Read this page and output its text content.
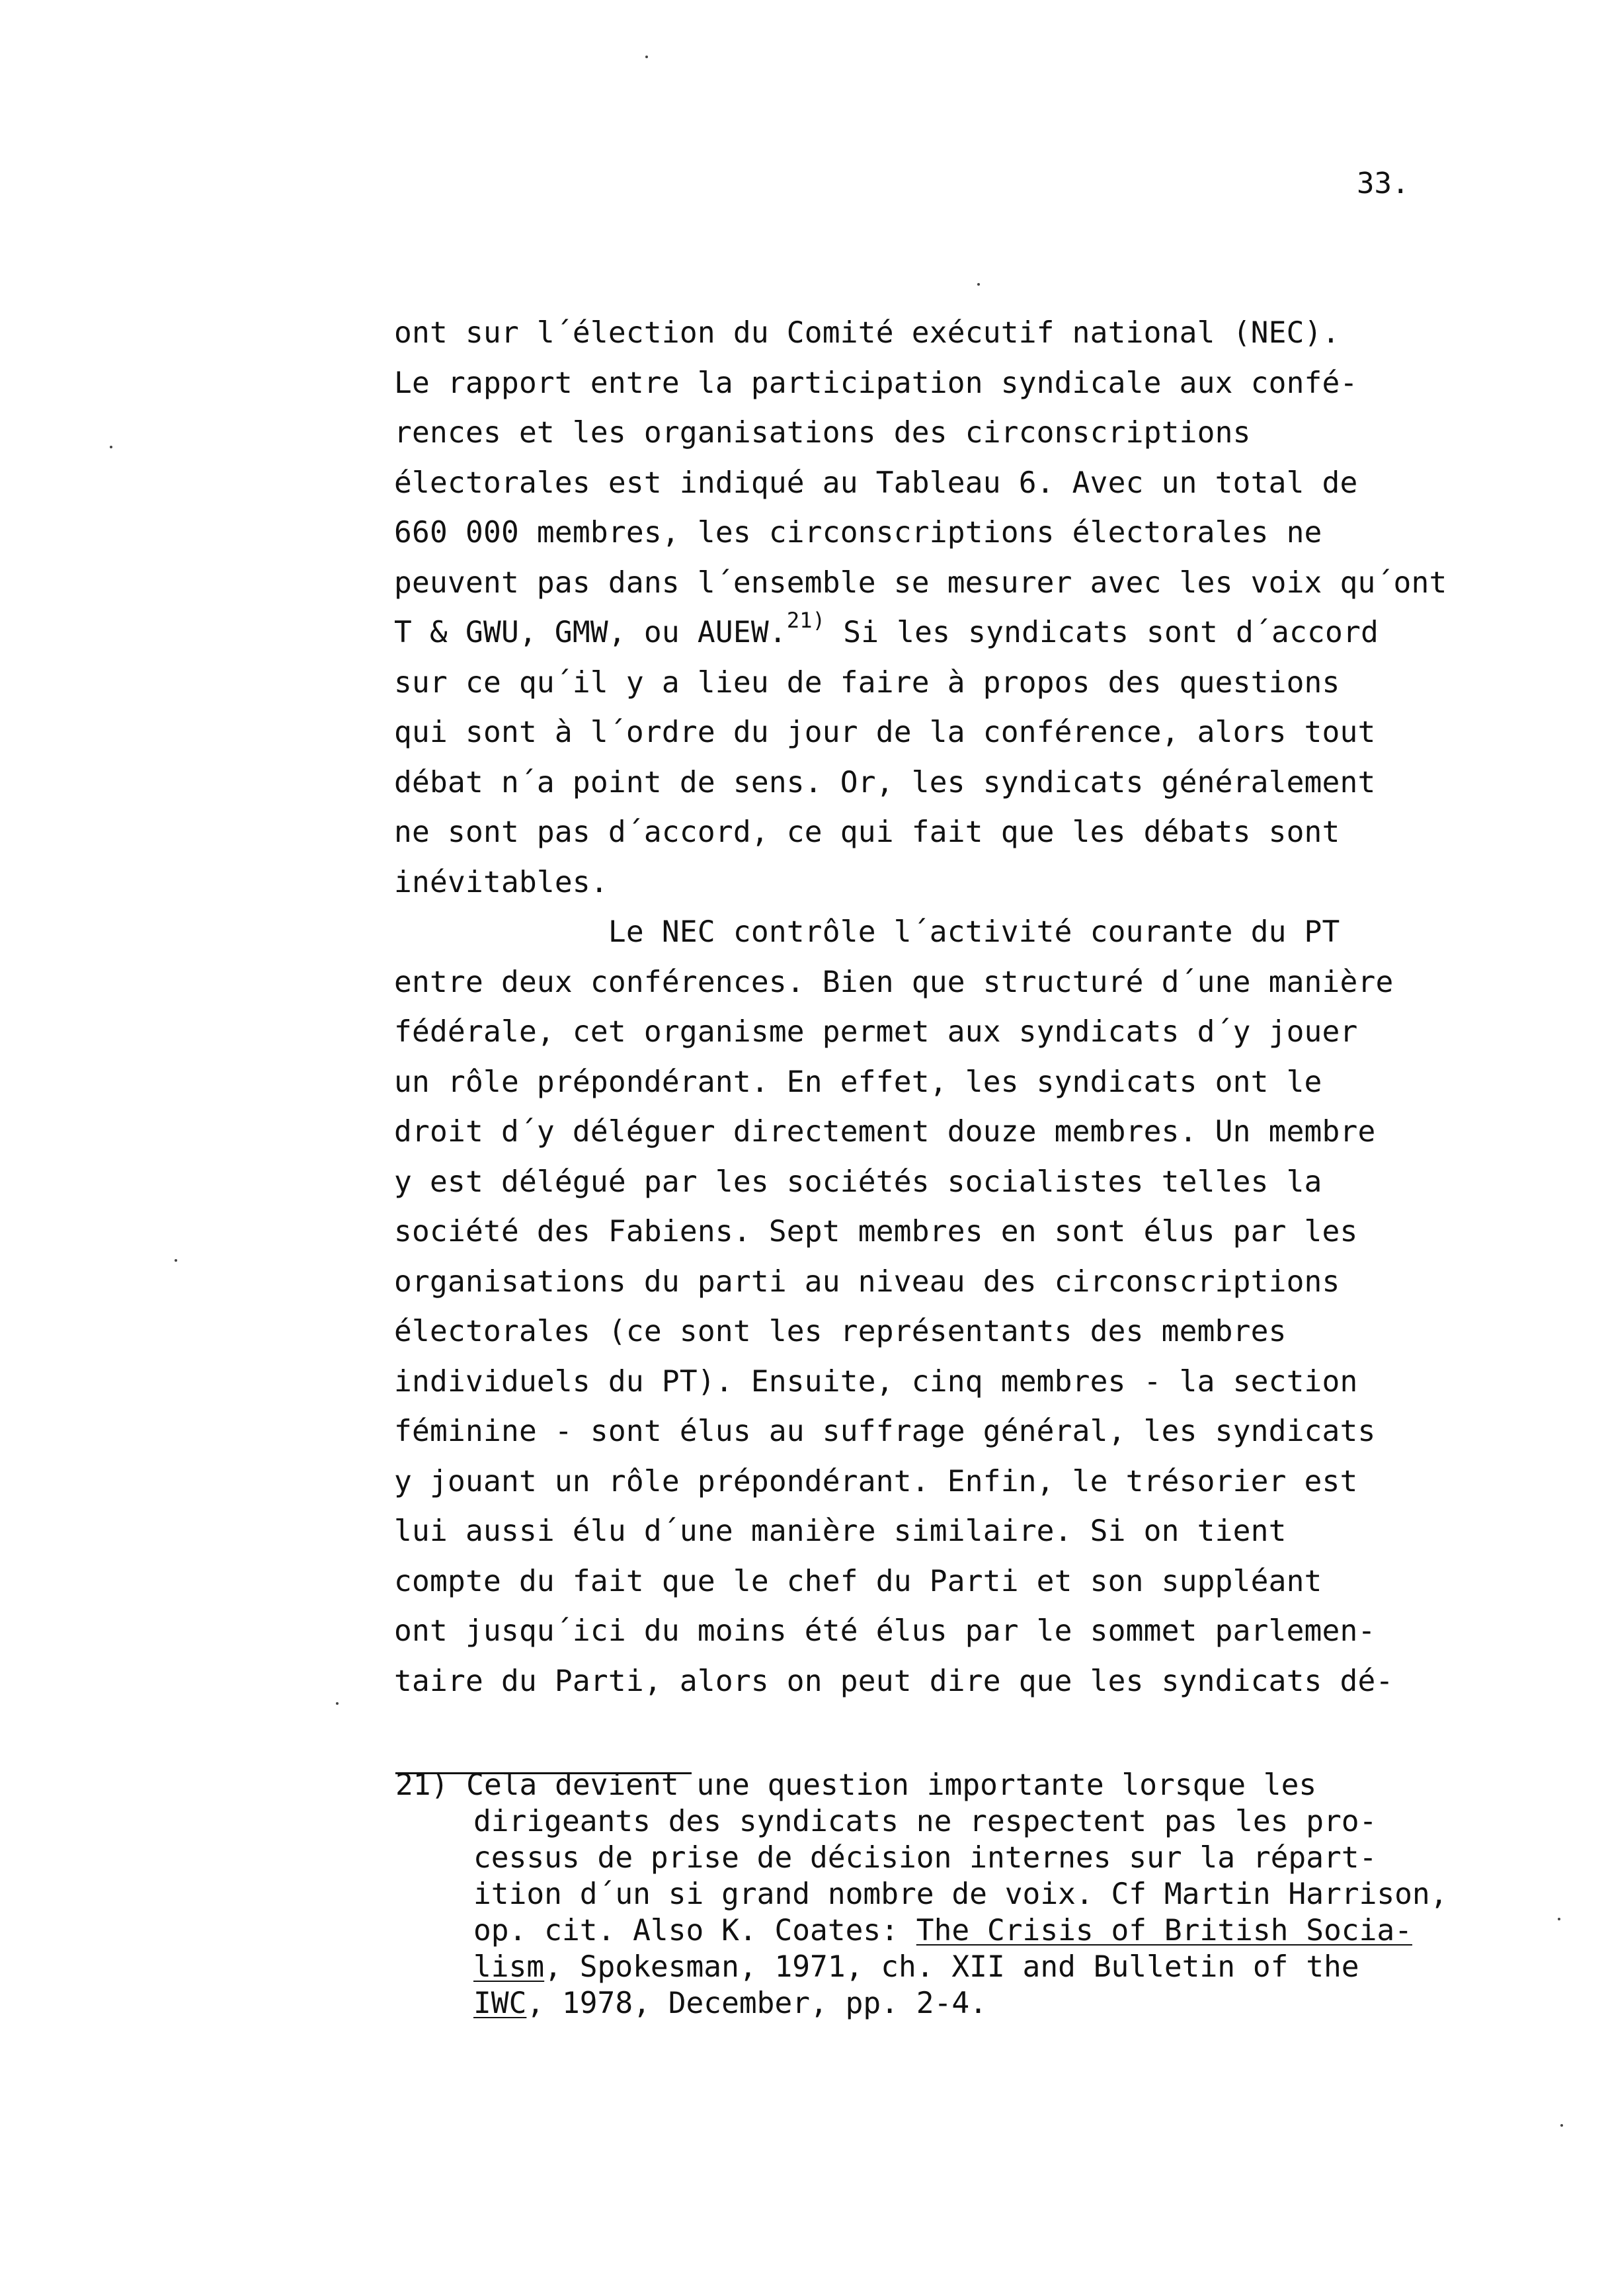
33.

ont sur l´élection du Comité exécutif national (NEC).
Le rapport entre la participation syndicale aux confé-
rences et les organisations des circonscriptions
électorales est indiqué au Tableau 6. Avec un total de
660 000 membres, les circonscriptions électorales ne
peuvent pas dans l´ensemble se mesurer avec les voix qu´ont
T & GWU, GMW, ou AUEW.$^{21)}$ Si les syndicats sont d´accord
sur ce qu´il y a lieu de faire à propos des questions
qui sont à l´ordre du jour de la conférence, alors tout
débat n´a point de sens. Or, les syndicats généralement
ne sont pas d´accord, ce qui fait que les débats sont
inévitables.
Le NEC contrôle l´activité courante du PT
entre deux conférences. Bien que structuré d´une manière
fédérale, cet organisme permet aux syndicats d´y jouer
un rôle prépondérant. En effet, les syndicats ont le
droit d´y déléguer directement douze membres. Un membre
y est délégué par les sociétés socialistes telles la
société des Fabiens. Sept membres en sont élus par les
organisations du parti au niveau des circonscriptions
électorales (ce sont les représentants des membres
individuels du PT). Ensuite, cinq membres - la section
féminine - sont élus au suffrage général, les syndicats
y jouant un rôle prépondérant. Enfin, le trésorier est
lui aussi élu d´une manière similaire. Si on tient
compte du fait que le chef du Parti et son suppléant
ont jusqu´ici du moins été élus par le sommet parlemen-
taire du Parti, alors on peut dire que les syndicats dé-
21) Cela devient une question importante lorsque les
dirigeants des syndicats ne respectent pas les pro-
cessus de prise de décision internes sur la répart-
ition d´un si grand nombre de voix. Cf Martin Harrison,
op. cit. Also K. Coates: The Crisis of British Socia-
lism, Spokesman, 1971, ch. XII and Bulletin of the
IWC, 1978, December, pp. 2-4.
